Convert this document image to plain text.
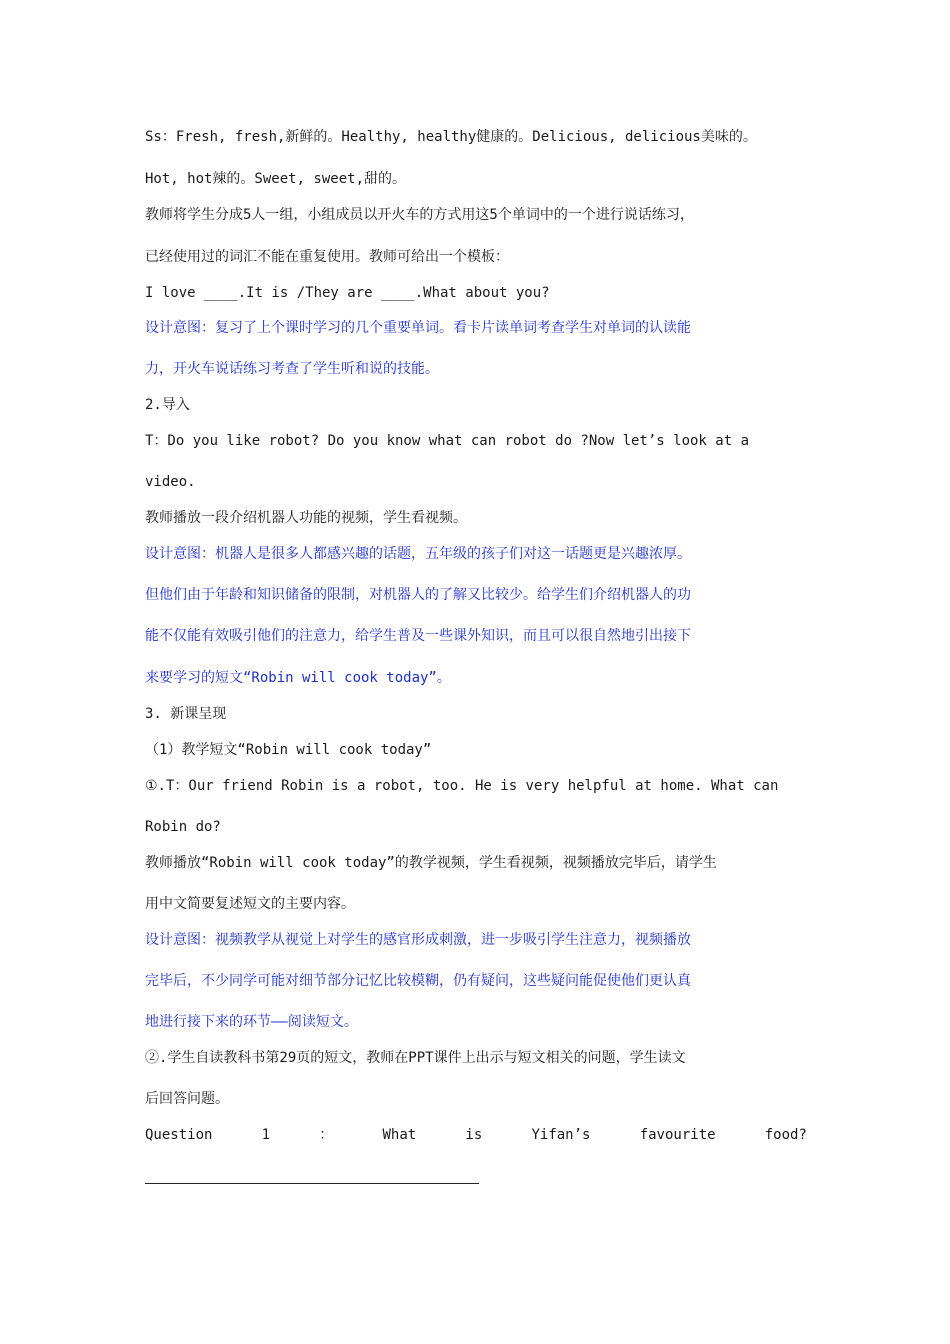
Ss：Fresh, fresh,新鲜的。Healthy, healthy健康的。Delicious, delicious美味的。
Hot, hot辣的。Sweet, sweet,甜的。
教师将学生分成5人一组，小组成员以开火车的方式用这5个单词中的一个进行说话练习，
已经使用过的词汇不能在重复使用。教师可给出一个模板：
I love ____.It is /They are ____.What about you?
设计意图：复习了上个课时学习的几个重要单词。看卡片读单词考查学生对单词的认读能
力，开火车说话练习考查了学生听和说的技能。
2.导入
T：Do you like robot? Do you know what can robot do ?Now let’s look at a
video.
教师播放一段介绍机器人功能的视频，学生看视频。
设计意图：机器人是很多人都感兴趣的话题，五年级的孩子们对这一话题更是兴趣浓厚。
但他们由于年龄和知识储备的限制，对机器人的了解又比较少。给学生们介绍机器人的功
能不仅能有效吸引他们的注意力，给学生普及一些课外知识，而且可以很自然地引出接下
来要学习的短文“Robin will cook today”。
3. 新课呈现
（1）教学短文“Robin will cook today”
①.T：Our friend Robin is a robot, too. He is very helpful at home. What can
Robin do?
教师播放“Robin will cook today”的教学视频，学生看视频，视频播放完毕后，请学生
用中文简要复述短文的主要内容。
设计意图：视频教学从视觉上对学生的感官形成刺激，进一步吸引学生注意力，视频播放
完毕后，不少同学可能对细节部分记忆比较模糊，仍有疑问，这些疑问能促使他们更认真
地进行接下来的环节——阅读短文。
②.学生自读教科书第29页的短文，教师在PPT课件上出示与短文相关的问题，学生读文
后回答问题。
Question	1	：	What	is	Yifan’s	favourite	food?
